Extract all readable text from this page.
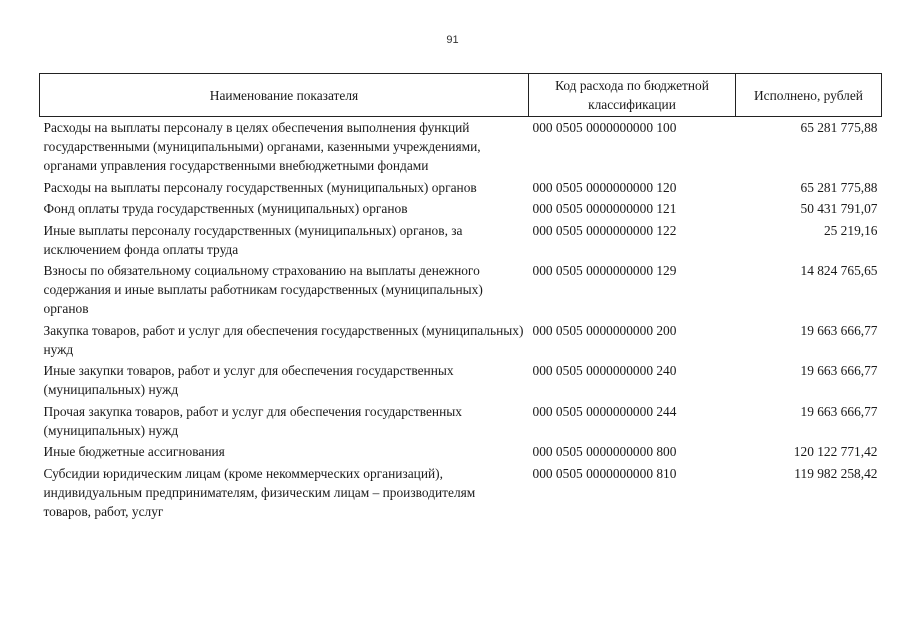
91
Наименование показателя	Код расхода по бюджетной классификации	Исполнено, рублей
Расходы на выплаты персоналу в целях обеспечения выполнения функций государственными (муниципальными) органами, казенными учреждениями, органами управления государственными внебюджетными фондами	000 0505 0000000000 100	65 281 775,88
Расходы на выплаты персоналу государственных (муниципальных) органов	000 0505 0000000000 120	65 281 775,88
Фонд оплаты труда государственных (муниципальных) органов	000 0505 0000000000 121	50 431 791,07
Иные выплаты персоналу государственных (муниципальных) органов, за исключением фонда оплаты труда	000 0505 0000000000 122	25 219,16
Взносы по обязательному социальному страхованию на выплаты денежного содержания и иные выплаты работникам государственных (муниципальных) органов	000 0505 0000000000 129	14 824 765,65
Закупка товаров, работ и услуг для обеспечения государственных (муниципальных) нужд	000 0505 0000000000 200	19 663 666,77
Иные закупки товаров, работ и услуг для обеспечения государственных (муниципальных) нужд	000 0505 0000000000 240	19 663 666,77
Прочая закупка товаров, работ и услуг для обеспечения государственных (муниципальных) нужд	000 0505 0000000000 244	19 663 666,77
Иные бюджетные ассигнования	000 0505 0000000000 800	120 122 771,42
Субсидии юридическим лицам (кроме некоммерческих организаций), индивидуальным предпринимателям, физическим лицам – производителям товаров, работ, услуг	000 0505 0000000000 810	119 982 258,42
